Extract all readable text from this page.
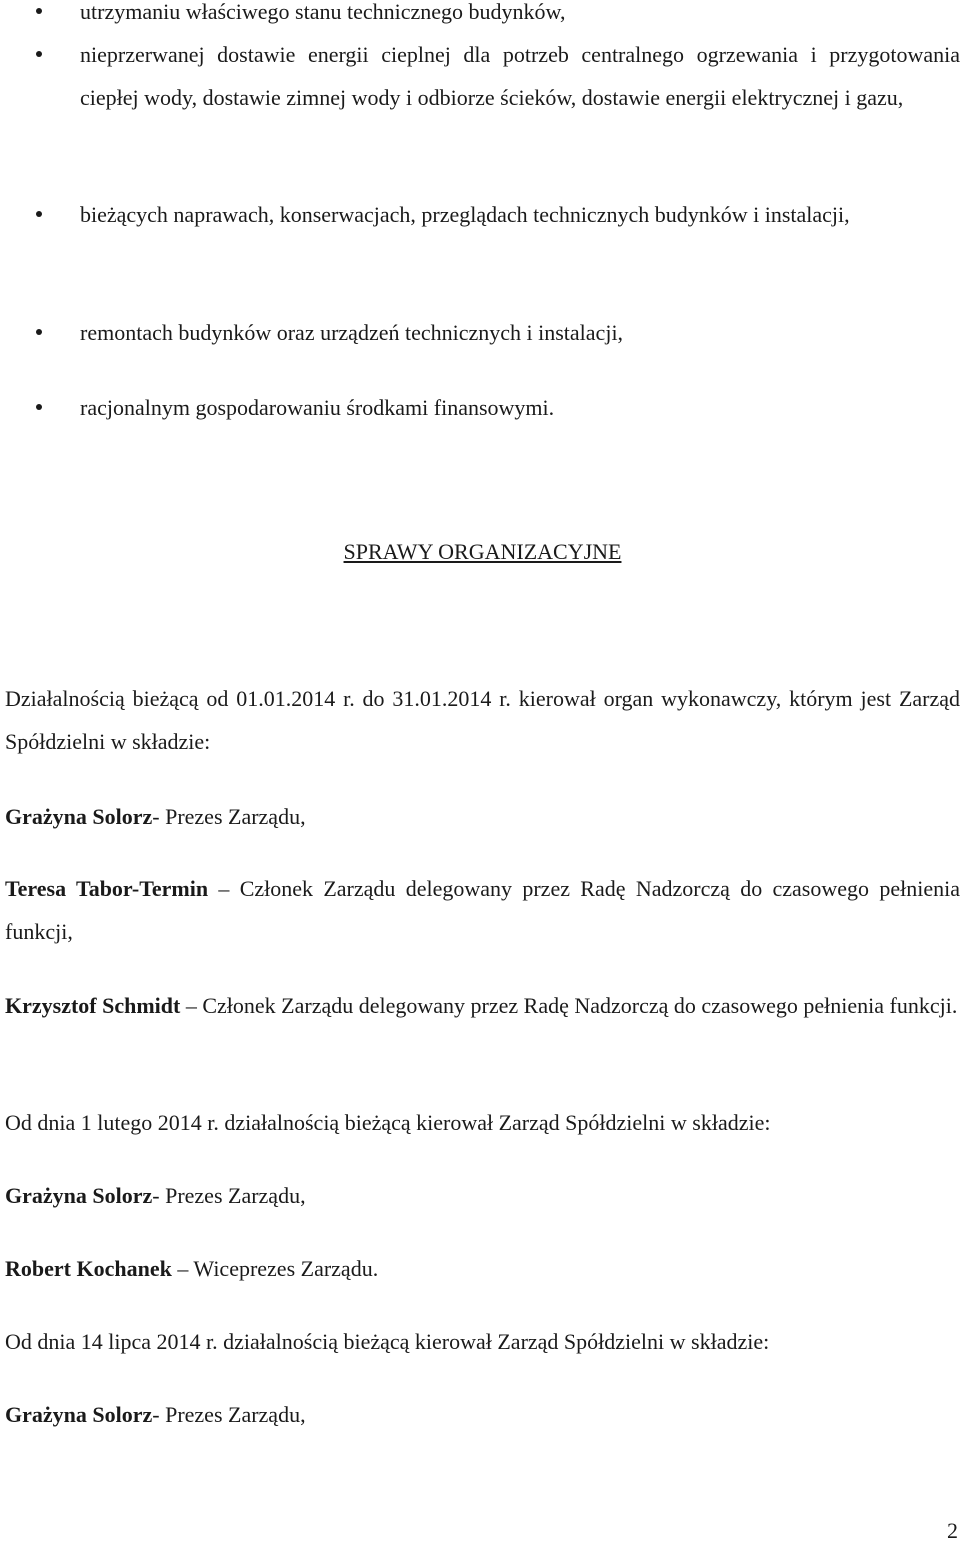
utrzymaniu właściwego stanu technicznego budynków,
nieprzerwanej dostawie energii cieplnej dla potrzeb centralnego ogrzewania i przygotowania ciepłej wody, dostawie zimnej wody i odbiorze ścieków, dostawie energii elektrycznej i gazu,
bieżących naprawach, konserwacjach, przeglądach technicznych budynków i instalacji,
remontach budynków oraz urządzeń technicznych i instalacji,
racjonalnym gospodarowaniu środkami finansowymi.
SPRAWY ORGANIZACYJNE
Działalnością bieżącą od 01.01.2014 r. do 31.01.2014 r. kierował organ wykonawczy, którym jest Zarząd Spółdzielni w składzie:
Grażyna Solorz- Prezes Zarządu,
Teresa Tabor-Termin – Członek Zarządu delegowany przez Radę Nadzorczą do czasowego pełnienia funkcji,
Krzysztof Schmidt – Członek Zarządu delegowany przez Radę Nadzorczą do czasowego pełnienia funkcji.
Od dnia 1 lutego 2014 r. działalnością bieżącą kierował Zarząd Spółdzielni w składzie:
Grażyna Solorz- Prezes Zarządu,
Robert Kochanek – Wiceprezes Zarządu.
Od dnia 14 lipca 2014 r. działalnością bieżącą kierował Zarząd Spółdzielni w składzie:
Grażyna Solorz- Prezes Zarządu,
2
